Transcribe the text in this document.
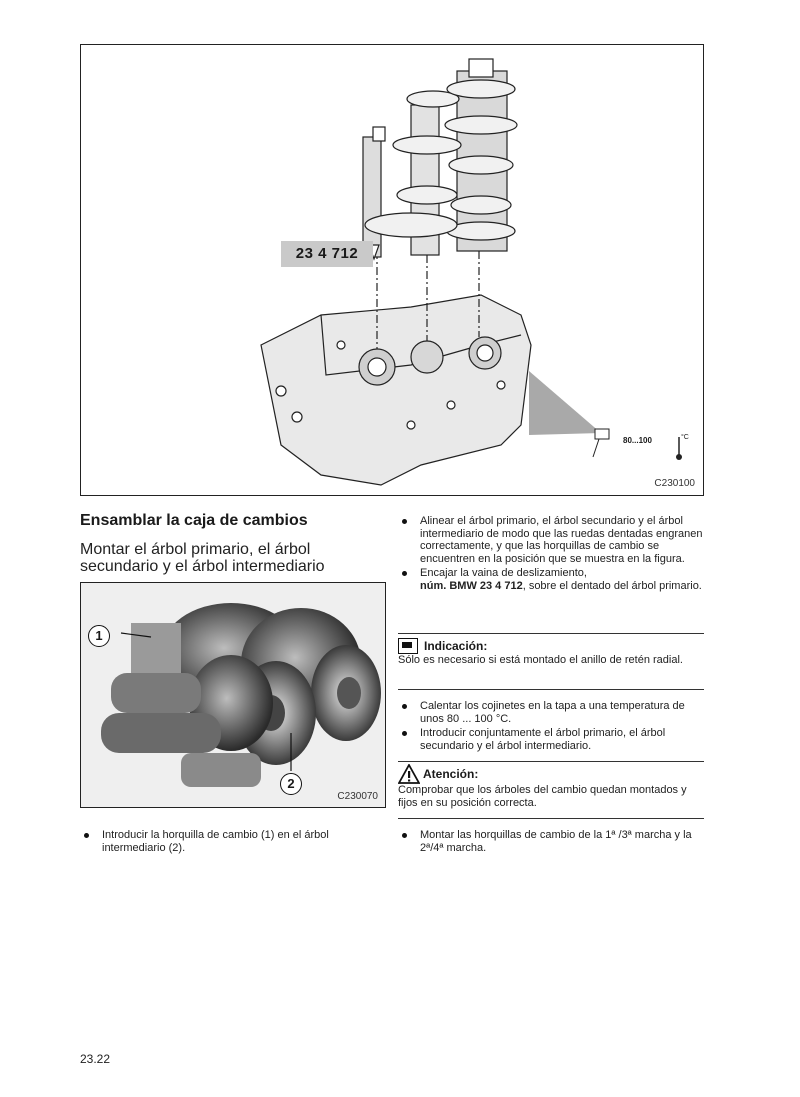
23 4 712
80...100	°C
C230100
Ensamblar la caja de cambios
Montar el árbol primario, el árbol secundario y el árbol intermediario
1
2
C230070
Introducir la horquilla de cambio (1) en el árbol intermediario (2).
Alinear el árbol primario, el árbol secundario y el árbol intermediario de modo que las ruedas dentadas engranen correctamente, y que las horquillas de cambio se encuentren en la posición que se muestra en la figura.
Encajar la vaina de deslizamiento,
núm. BMW 23 4 712, sobre el dentado del árbol primario.
Indicación:
Sólo es necesario si está montado el anillo de retén radial.
Calentar los cojinetes en la tapa a una temperatura de unos 80 ... 100 °C.
Introducir conjuntamente el árbol primario, el árbol secundario y el árbol intermediario.
Atención:
Comprobar que los árboles del cambio quedan montados y fijos en su posición correcta.
Montar las horquillas de cambio de la 1ª /3ª marcha y la 2ª/4ª marcha.
23.22
